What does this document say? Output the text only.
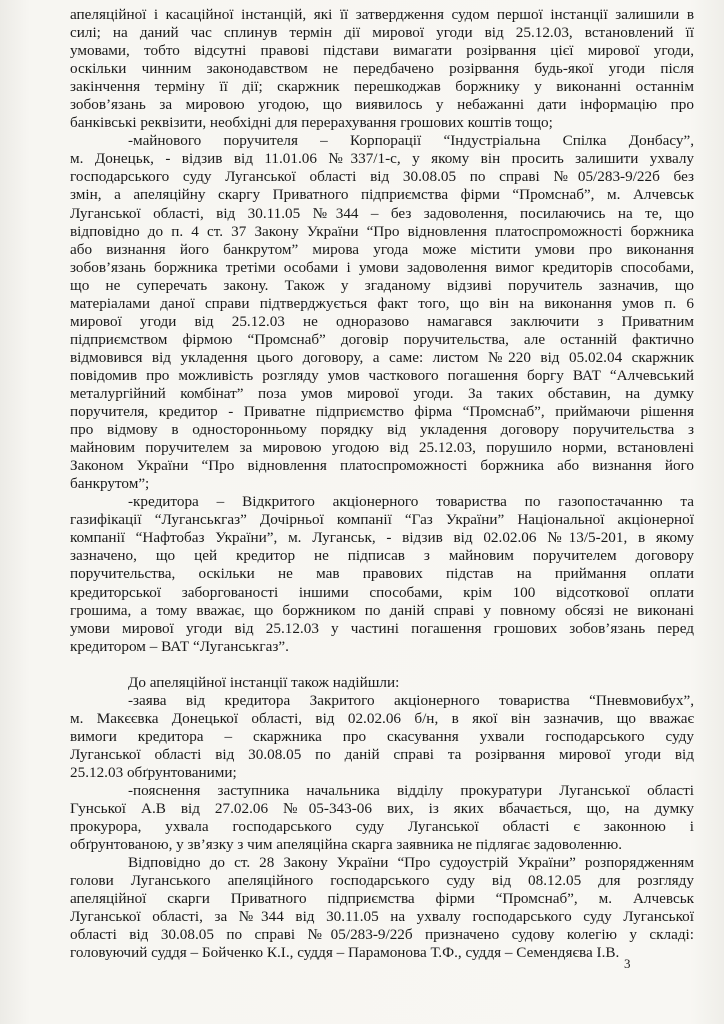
апеляційної і касаційної інстанцій, які її затвердження судом першої інстанції залишили в
силі; на даний час сплинув термін дії мирової угоди від 25.12.03, встановлений її
умовами, тобто відсутні правові підстави вимагати розірвання цієї мирової угоди,
оскільки чинним законодавством не передбачено розірвання будь-якої угоди після
закінчення терміну її дії; скаржник перешкоджав боржнику у виконанні останнім
зобов’язань за мировою угодою, що виявилось у небажанні дати інформацію про
банківські реквізити, необхідні для перерахування грошових коштів тощо;
-майнового поручителя – Корпорації “Індустріальна Спілка Донбасу”,
м. Донецьк, - відзив від 11.01.06 №337/1-с, у якому він просить залишити ухвалу
господарського суду Луганської області від 30.08.05 по справі №05/283-9/22б без
змін, а апеляційну скаргу Приватного підприємства фірми “Промснаб”, м. Алчевськ
Луганської області, від 30.11.05 №344 – без задоволення, посилаючись на те, що
відповідно до п. 4 ст. 37 Закону України “Про відновлення платоспроможності боржника
або визнання його банкрутом” мирова угода може містити умови про виконання
зобов’язань боржника третіми особами і умови задоволення вимог кредиторів способами,
що не суперечать закону. Також у згаданому відзиві поручитель зазначив, що
матеріалами даної справи підтверджується факт того, що він на виконання умов п. 6
мирової угоди від 25.12.03 не одноразово намагався заключити з Приватним
підприємством фірмою “Промснаб” договір поручительства, але останній фактично
відмовився від укладення цього договору, а саме: листом №220 від 05.02.04 скаржник
повідомив про можливість розгляду умов часткового погашення боргу ВАТ “Алчевський
металургійний комбінат” поза умов мирової угоди. За таких обставин, на думку
поручителя, кредитор - Приватне підприємство фірма “Промснаб”, приймаючи рішення
про відмову в односторонньому порядку від укладення договору поручительства з
майновим поручителем за мировою угодою від 25.12.03, порушило норми, встановлені
Законом України “Про відновлення платоспроможності боржника або визнання його
банкрутом”;
-кредитора – Відкритого акціонерного товариства по газопостачанню та
газифікації “Луганськгаз” Дочірньої компанії “Газ України” Національної акціонерної
компанії “Нафтобаз України”, м. Луганськ, - відзив від 02.02.06 №13/5-201, в якому
зазначено, що цей кредитор не підписав з майновим поручителем договору
поручительства, оскільки не мав правових підстав на приймання оплати
кредиторської заборгованості іншими способами, крім 100 відсоткової оплати
грошима, а тому вважає, що боржником по даній справі у повному обсязі не виконані
умови мирової угоди від 25.12.03 у частині погашення грошових зобов’язань перед
кредитором – ВАТ “Луганськгаз”.
До апеляційної інстанції також надійшли:
-заява від кредитора Закритого акціонерного товариства “Пневмовибух”,
м. Макєєвка Донецької області, від 02.02.06 б/н, в якої він зазначив, що вважає
вимоги кредитора – скаржника про скасування ухвали господарського суду
Луганської області від 30.08.05 по даній справі та розірвання мирової угоди від
25.12.03 обґрунтованими;
-пояснення заступника начальника відділу прокуратури Луганської області
Гунської А.В від 27.02.06 №05-343-06 вих, із яких вбачається, що, на думку
прокурора, ухвала господарського суду Луганської області є законною і
обґрунтованою, у зв’язку з чим апеляційна скарга заявника не підлягає задоволенню.
Відповідно до ст. 28 Закону України “Про судоустрій України” розпорядженням
голови Луганського апеляційного господарського суду від 08.12.05 для розгляду
апеляційної скарги Приватного підприємства фірми “Промснаб”, м. Алчевськ
Луганської області, за №344 від 30.11.05 на ухвалу господарського суду Луганської
області від 30.08.05 по справі №05/283-9/22б призначено судову колегію у складі:
головуючий суддя – Бойченко К.І., суддя – Парамонова Т.Ф., суддя – Семендяєва І.В.
3
